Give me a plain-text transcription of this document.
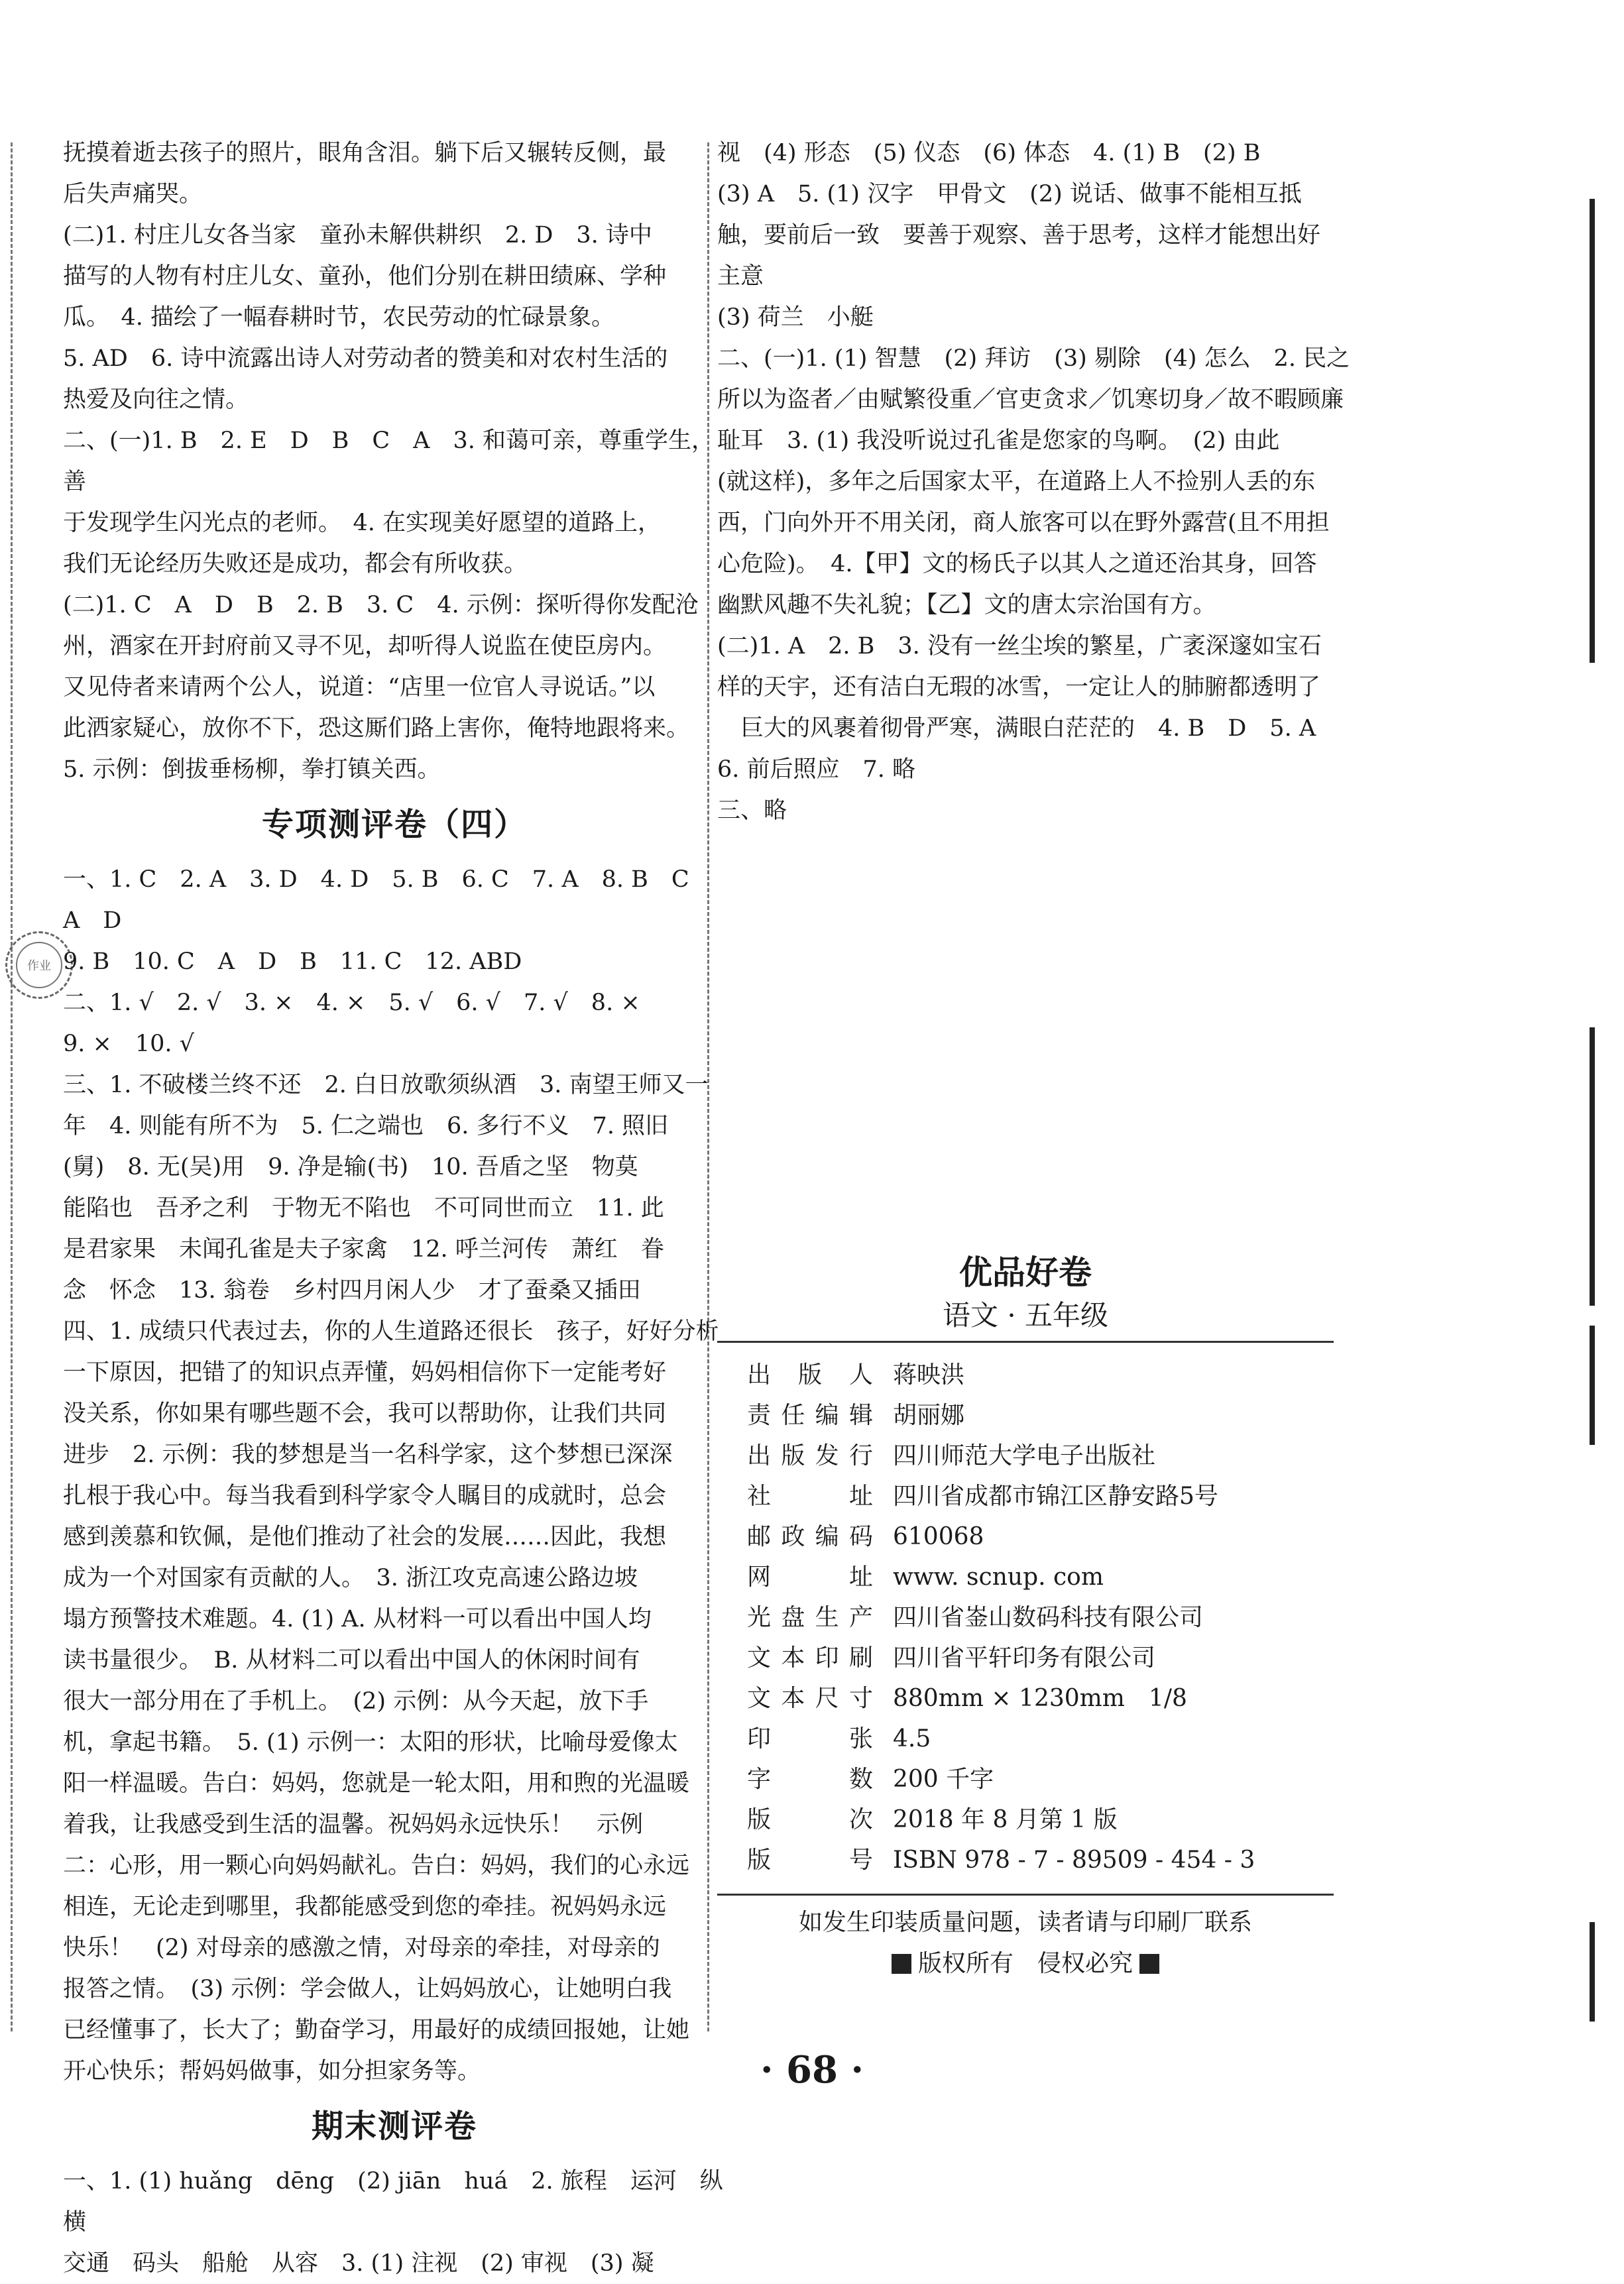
作业

抚摸着逝去孩子的照片，眼角含泪。躺下后又辗转反侧，最

后失声痛哭。

(二)1. 村庄儿女各当家　童孙未解供耕织　2. D　3. 诗中

描写的人物有村庄儿女、童孙，他们分别在耕田绩麻、学种

瓜。　4. 描绘了一幅春耕时节，农民劳动的忙碌景象。

5. AD　6. 诗中流露出诗人对劳动者的赞美和对农村生活的

热爱及向往之情。

二、(一)1. B　2. E　D　B　C　A　3. 和蔼可亲，尊重学生，善

于发现学生闪光点的老师。　4. 在实现美好愿望的道路上，

我们无论经历失败还是成功，都会有所收获。

(二)1. C　A　D　B　2. B　3. C　4. 示例：探听得你发配沧

州，酒家在开封府前又寻不见，却听得人说监在使臣房内。

又见侍者来请两个公人，说道：“店里一位官人寻说话。”以

此洒家疑心，放你不下，恐这厮们路上害你，俺特地跟将来。

5. 示例：倒拔垂杨柳，拳打镇关西。

专项测评卷（四）

一、1. C　2. A　3. D　4. D　5. B　6. C　7. A　8. B　C　A　D

9. B　10. C　A　D　B　11. C　12. ABD

二、1. √　2. √　3. ×　4. ×　5. √　6. √　7. √　8. ×

9. ×　10. √

三、1. 不破楼兰终不还　2. 白日放歌须纵酒　3. 南望王师又一

年　4. 则能有所不为　5. 仁之端也　6. 多行不义　7. 照旧

(舅)　8. 无(吴)用　9. 净是输(书)　10. 吾盾之坚　物莫

能陷也　吾矛之利　于物无不陷也　不可同世而立　11. 此

是君家果　未闻孔雀是夫子家禽　12. 呼兰河传　萧红　眷

念　怀念　13. 翁卷　乡村四月闲人少　才了蚕桑又插田

四、1. 成绩只代表过去，你的人生道路还很长　孩子，好好分析

一下原因，把错了的知识点弄懂，妈妈相信你下一定能考好

没关系，你如果有哪些题不会，我可以帮助你，让我们共同

进步　2. 示例：我的梦想是当一名科学家，这个梦想已深深

扎根于我心中。每当我看到科学家令人瞩目的成就时，总会

感到羡慕和钦佩，是他们推动了社会的发展……因此，我想

成为一个对国家有贡献的人。　3. 浙江攻克高速公路边坡

塌方预警技术难题。4. (1) A. 从材料一可以看出中国人均

读书量很少。　B. 从材料二可以看出中国人的休闲时间有

很大一部分用在了手机上。　(2) 示例：从今天起，放下手

机，拿起书籍。　5. (1) 示例一：太阳的形状，比喻母爱像太

阳一样温暖。告白：妈妈，您就是一轮太阳，用和煦的光温暖

着我，让我感受到生活的温馨。祝妈妈永远快乐！　示例

二：心形，用一颗心向妈妈献礼。告白：妈妈，我们的心永远

相连，无论走到哪里，我都能感受到您的牵挂。祝妈妈永远

快乐！　(2) 对母亲的感激之情，对母亲的牵挂，对母亲的

报答之情。　(3) 示例：学会做人，让妈妈放心，让她明白我

已经懂事了，长大了；勤奋学习，用最好的成绩回报她，让她

开心快乐；帮妈妈做事，如分担家务等。

期末测评卷

一、1. (1) huǎng　dēng　(2) jiān　huá　2. 旅程　运河　纵横

交通　码头　船舱　从容　3. (1) 注视　(2) 审视　(3) 凝

视　(4) 形态　(5) 仪态　(6) 体态　4. (1) B　(2) B

(3) A　5. (1) 汉字　甲骨文　(2) 说话、做事不能相互抵

触，要前后一致　要善于观察、善于思考，这样才能想出好

主意

(3) 荷兰　小艇

二、(一)1. (1) 智慧　(2) 拜访　(3) 剔除　(4) 怎么　2. 民之

所以为盗者／由赋繁役重／官吏贪求／饥寒切身／故不暇顾廉

耻耳　3. (1) 我没听说过孔雀是您家的鸟啊。　(2) 由此

(就这样)，多年之后国家太平，在道路上人不捡别人丢的东

西，门向外开不用关闭，商人旅客可以在野外露营(且不用担

心危险)。　4.【甲】文的杨氏子以其人之道还治其身，回答

幽默风趣不失礼貌；【乙】文的唐太宗治国有方。

(二)1. A　2. B　3. 没有一丝尘埃的繁星，广袤深邃如宝石

样的天宇，还有洁白无瑕的冰雪，一定让人的肺腑都透明了

　巨大的风裹着彻骨严寒，满眼白茫茫的　4. B　D　5. A

6. 前后照应　7. 略

三、略

优品好卷
语文 · 五年级
出版人 蒋映洪
责任编辑 胡丽娜
出版发行 四川师范大学电子出版社
社址 四川省成都市锦江区静安路5号
邮政编码 610068
网址 www. scnup. com
光盘生产 四川省崟山数码科技有限公司
文本印刷 四川省平轩印务有限公司
文本尺寸 880mm × 1230mm　1/8
印张 4.5
字数 200 千字
版次 2018 年 8 月第 1 版
版号 ISBN 978 - 7 - 89509 - 454 - 3
如发生印装质量问题，读者请与印刷厂联系
版权所有　侵权必究
· 68 ·
